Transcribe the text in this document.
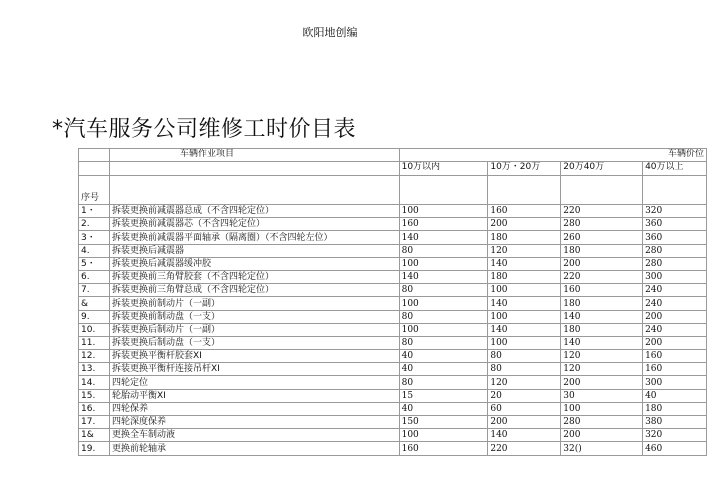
欧阳地创编
*汽车服务公司维修工时价目表
	车辆作业项目	车辆价位			
		10万以内	10万・20万	20万40万	40万以上
序号					
1・	拆装更换前减震器总成（不含四轮定位）	100	160	220	320
2.	拆装更换前减震器芯（不含四轮定位）	160	200	280	360
3・	拆装更换前减震器平面轴承（隔离圈）（不含四轮左位）	140	180	260	360
4.	拆装更换后减震器	80	120	180	280
5・	拆装更换后减震器缓冲胶	100	140	200	280
6.	拆装更换前三角臂胶套（不含四轮定位）	140	180	220	300
7.	拆装更换前三角臂总成（不含四轮定位）	80	100	160	240
&	拆装更换前制动片（一副）	100	140	180	240
9.	拆装更换前制动盘（一支）	80	100	140	200
10.	拆装更换后制动片（一副）	100	140	180	240
11.	拆装更换后制动盘（一支）	80	100	140	200
12.	拆装更换平衡杆胶套XI	40	80	120	160
13.	拆装更换平衡杆连接吊杆XI	40	80	120	160
14.	四轮定位	80	120	200	300
15.	轮胎动平衡XI	15	20	30	40
16.	四轮保养	40	60	100	180
17.	四轮深度保养	150	200	280	380
1&	更换全车制动液	100	140	200	320
19.	更换前轮轴承	160	220	32()	460
